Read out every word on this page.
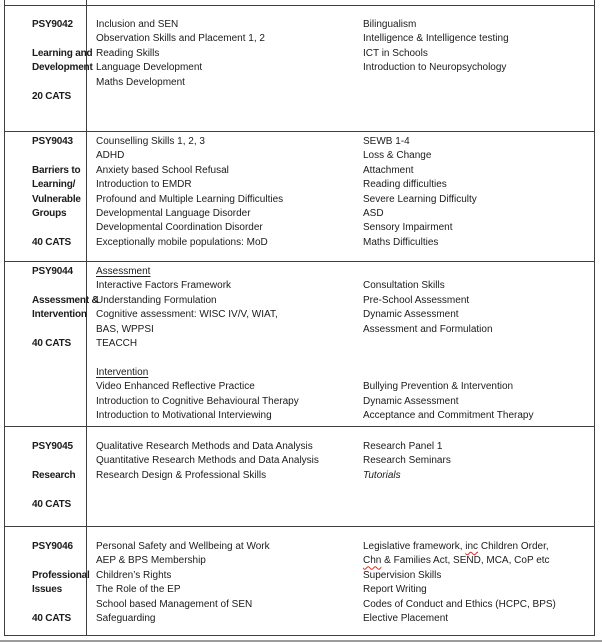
PSY9042
Learning and
Development
20 CATS
Inclusion and SEN
Observation Skills and Placement 1, 2
Reading Skills
Language Development
Maths Development
Bilingualism
Intelligence & Intelligence testing
ICT in Schools
Introduction to Neuropsychology
PSY9043
Barriers to
Learning/
Vulnerable
Groups
40 CATS
Counselling Skills 1, 2, 3
ADHD
Anxiety based School Refusal
Introduction to EMDR
Profound and Multiple Learning Difficulties
Developmental Language Disorder
Developmental Coordination Disorder
Exceptionally mobile populations: MoD
SEWB 1-4
Loss & Change
Attachment
Reading difficulties
Severe Learning Difficulty
ASD
Sensory Impairment
Maths Difficulties
PSY9044
Assessment &
Intervention
40 CATS
Assessment
Interactive Factors Framework
Understanding Formulation
Cognitive assessment: WISC IV/V, WIAT,
BAS, WPPSI
TEACCH
Intervention
Video Enhanced Reflective Practice
Introduction to Cognitive Behavioural Therapy
Introduction to Motivational Interviewing
Consultation Skills
Pre-School Assessment
Dynamic Assessment
Assessment and Formulation
Bullying Prevention & Intervention
Dynamic Assessment
Acceptance and Commitment Therapy
PSY9045
Research
40 CATS
Qualitative Research Methods and Data Analysis
Quantitative Research Methods and Data Analysis
Research Design & Professional Skills
Research Panel 1
Research Seminars
Tutorials
PSY9046
Professional
Issues
40 CATS
Personal Safety and Wellbeing at Work
AEP & BPS Membership
Children’s Rights
The Role of the EP
School based Management of SEN
Safeguarding
Legislative framework, inc Children Order,
Chn & Families Act, SEND, MCA, CoP etc
Supervision Skills
Report Writing
Codes of Conduct and Ethics (HCPC, BPS)
Elective Placement
